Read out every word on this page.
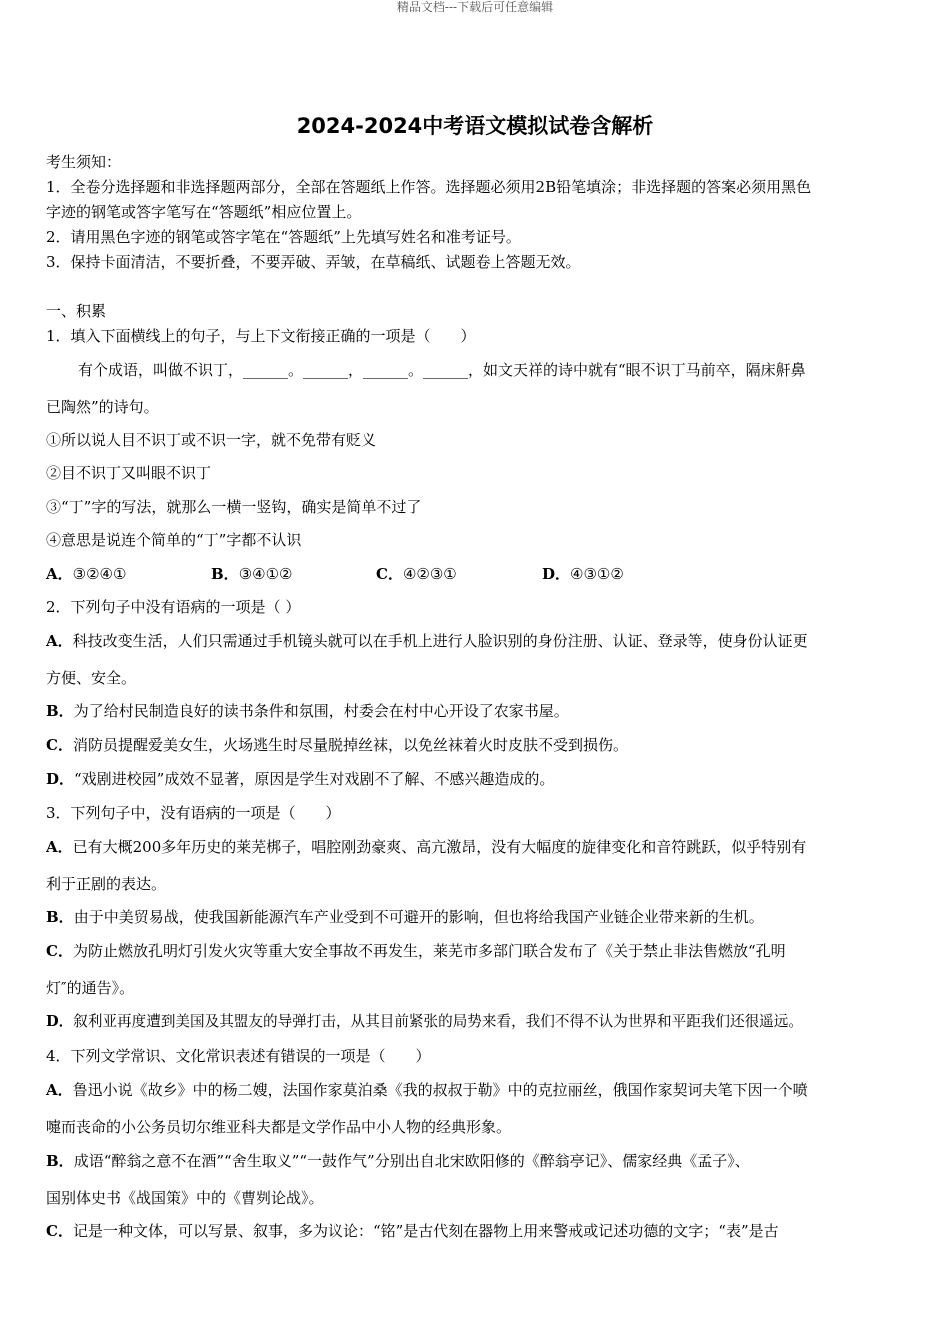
精品文档---下载后可任意编辑
2024-2024中考语文模拟试卷含解析
考生须知：
1．全卷分选择题和非选择题两部分，全部在答题纸上作答。选择题必须用2B铅笔填涂；非选择题的答案必须用黑色
字迹的钢笔或答字笔写在“答题纸”相应位置上。
2．请用黑色字迹的钢笔或答字笔在“答题纸”上先填写姓名和准考证号。
3．保持卡面清洁，不要折叠，不要弄破、弄皱，在草稿纸、试题卷上答题无效。
一、积累
1．填入下面横线上的句子，与上下文衔接正确的一项是（　　）
有个成语，叫做不识丁，______。______，______。______，如文天祥的诗中就有“眼不识丁马前卒，隔床鼾鼻
已陶然”的诗句。
①所以说人目不识丁或不识一字，就不免带有贬义
②目不识丁又叫眼不识丁
③“丁”字的写法，就那么一横一竖钩，确实是简单不过了
④意思是说连个简单的“丁”字都不认识
A．③②④①	B．③④①②	C．④②③①	D．④③①②
2．下列句子中没有语病的一项是（ ）
A．科技改变生活，人们只需通过手机镜头就可以在手机上进行人脸识别的身份注册、认证、登录等，使身份认证更
方便、安全。
B．为了给村民制造良好的读书条件和氛围，村委会在村中心开设了农家书屋。
C．消防员提醒爱美女生，火场逃生时尽量脱掉丝袜，以免丝袜着火时皮肤不受到损伤。
D．“戏剧进校园”成效不显著，原因是学生对戏剧不了解、不感兴趣造成的。
3．下列句子中，没有语病的一项是（　　）
A．已有大概200多年历史的莱芜梆子，唱腔刚劲豪爽、高亢激昂，没有大幅度的旋律变化和音符跳跃，似乎特别有
利于正剧的表达。
B．由于中美贸易战，使我国新能源汽车产业受到不可避开的影响，但也将给我国产业链企业带来新的生机。
C．为防止燃放孔明灯引发火灾等重大安全事故不再发生，莱芜市多部门联合发布了《关于禁止非法售燃放“孔明
灯″的通告》。
D．叙利亚再度遭到美国及其盟友的导弹打击，从其目前紧张的局势来看，我们不得不认为世界和平距我们还很遥远。
4．下列文学常识、文化常识表述有错误的一项是（　　）
A．鲁迅小说《故乡》中的杨二嫂，法国作家莫泊桑《我的叔叔于勒》中的克拉丽丝，俄国作家契诃夫笔下因一个喷
嚏而丧命的小公务员切尔维亚科夫都是文学作品中小人物的经典形象。
B．成语“醉翁之意不在酒”“舍生取义”“一鼓作气”分别出自北宋欧阳修的《醉翁亭记》、儒家经典《孟子》、
国别体史书《战国策》中的《曹刿论战》。
C．记是一种文体，可以写景、叙事，多为议论：“铭”是古代刻在器物上用来警戒或记述功德的文字；“表”是古
